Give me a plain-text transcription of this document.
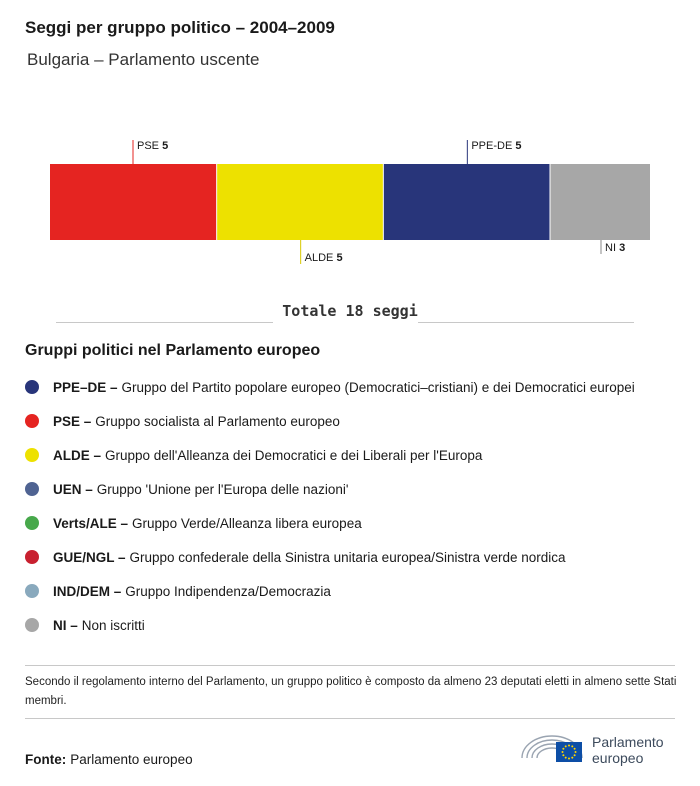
Seggi per gruppo politico – 2004–2009
Bulgaria – Parlamento uscente
PSE 5
ALDE 5
PPE-DE 5
NI 3
Totale 18 seggi
Gruppi politici nel Parlamento europeo
PPE–DE – Gruppo del Partito popolare europeo (Democratici–cristiani) e dei Democratici europei
PSE – Gruppo socialista al Parlamento europeo
ALDE – Gruppo dell'Alleanza dei Democratici e dei Liberali per l'Europa
UEN – Gruppo 'Unione per l'Europa delle nazioni'
Verts/ALE – Gruppo Verde/Alleanza libera europea
GUE/NGL – Gruppo confederale della Sinistra unitaria europea/Sinistra verde nordica
IND/DEM – Gruppo Indipendenza/Democrazia
NI – Non iscritti
Secondo il regolamento interno del Parlamento, un gruppo politico è composto da almeno 23 deputati eletti in almeno sette Stati membri.
Fonte: Parlamento europeo
Parlamento
europeo
